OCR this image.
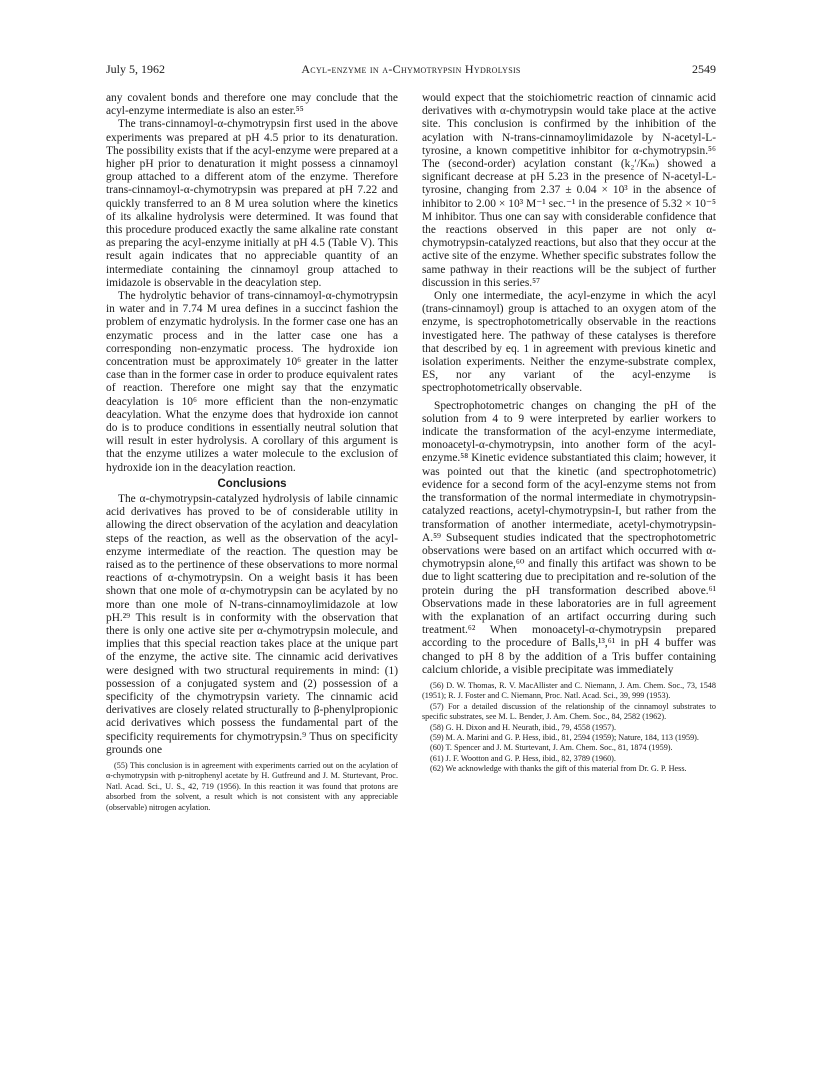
July 5, 1962	Acyl-enzyme in α-Chymotrypsin Hydrolysis	2549

any covalent bonds and therefore one may conclude that the acyl-enzyme intermediate is also an ester.⁵⁵

The trans-cinnamoyl-α-chymotrypsin first used in the above experiments was prepared at pH 4.5 prior to its denaturation. The possibility exists that if the acyl-enzyme were prepared at a higher pH prior to denaturation it might possess a cinnamoyl group attached to a different atom of the enzyme. Therefore trans-cinnamoyl-α-chymotrypsin was prepared at pH 7.22 and quickly transferred to an 8 M urea solution where the kinetics of its alkaline hydrolysis were determined. It was found that this procedure produced exactly the same alkaline rate constant as preparing the acyl-enzyme initially at pH 4.5 (Table V). This result again indicates that no appreciable quantity of an intermediate containing the cinnamoyl group attached to imidazole is observable in the deacylation step.

The hydrolytic behavior of trans-cinnamoyl-α-chymotrypsin in water and in 7.74 M urea defines in a succinct fashion the problem of enzymatic hydrolysis. In the former case one has an enzymatic process and in the latter case one has a corresponding non-enzymatic process. The hydroxide ion concentration must be approximately 10⁶ greater in the latter case than in the former case in order to produce equivalent rates of reaction. Therefore one might say that the enzymatic deacylation is 10⁶ more efficient than the non-enzymatic deacylation. What the enzyme does that hydroxide ion cannot do is to produce conditions in essentially neutral solution that will result in ester hydrolysis. A corollary of this argument is that the enzyme utilizes a water molecule to the exclusion of hydroxide ion in the deacylation reaction.

Conclusions

The α-chymotrypsin-catalyzed hydrolysis of labile cinnamic acid derivatives has proved to be of considerable utility in allowing the direct observation of the acylation and deacylation steps of the reaction, as well as the observation of the acyl-enzyme intermediate of the reaction. The question may be raised as to the pertinence of these observations to more normal reactions of α-chymotrypsin. On a weight basis it has been shown that one mole of α-chymotrypsin can be acylated by no more than one mole of N-trans-cinnamoylimidazole at low pH.²⁹ This result is in conformity with the observation that there is only one active site per α-chymotrypsin molecule, and implies that this special reaction takes place at the unique part of the enzyme, the active site. The cinnamic acid derivatives were designed with two structural requirements in mind: (1) possession of a conjugated system and (2) possession of a specificity of the chymotrypsin variety. The cinnamic acid derivatives are closely related structurally to β-phenylpropionic acid derivatives which possess the fundamental part of the specificity requirements for chymotrypsin.⁹ Thus on specificity grounds one

(55) This conclusion is in agreement with experiments carried out on the acylation of α-chymotrypsin with p-nitrophenyl acetate by H. Gutfreund and J. M. Sturtevant, Proc. Natl. Acad. Sci., U. S., 42, 719 (1956). In this reaction it was found that protons are absorbed from the solvent, a result which is not consistent with any appreciable (observable) nitrogen acylation.

would expect that the stoichiometric reaction of cinnamic acid derivatives with α-chymotrypsin would take place at the active site. This conclusion is confirmed by the inhibition of the acylation with N-trans-cinnamoylimidazole by N-acetyl-L-tyrosine, a known competitive inhibitor for α-chymotrypsin.⁵⁶ The (second-order) acylation constant (k₂′/Kₘ) showed a significant decrease at pH 5.23 in the presence of N-acetyl-L-tyrosine, changing from 2.37 ± 0.04 × 10³ in the absence of inhibitor to 2.00 × 10³ M⁻¹ sec.⁻¹ in the presence of 5.32 × 10⁻⁵ M inhibitor. Thus one can say with considerable confidence that the reactions observed in this paper are not only α-chymotrypsin-catalyzed reactions, but also that they occur at the active site of the enzyme. Whether specific substrates follow the same pathway in their reactions will be the subject of further discussion in this series.⁵⁷

Only one intermediate, the acyl-enzyme in which the acyl (trans-cinnamoyl) group is attached to an oxygen atom of the enzyme, is spectrophotometrically observable in the reactions investigated here. The pathway of these catalyses is therefore that described by eq. 1 in agreement with previous kinetic and isolation experiments. Neither the enzyme-substrate complex, ES, nor any variant of the acyl-enzyme is spectrophotometrically observable.

Spectrophotometric changes on changing the pH of the solution from 4 to 9 were interpreted by earlier workers to indicate the transformation of the acyl-enzyme intermediate, monoacetyl-α-chymotrypsin, into another form of the acyl-enzyme.⁵⁸ Kinetic evidence substantiated this claim; however, it was pointed out that the kinetic (and spectrophotometric) evidence for a second form of the acyl-enzyme stems not from the transformation of the normal intermediate in chymotrypsin-catalyzed reactions, acetyl-chymotrypsin-I, but rather from the transformation of another intermediate, acetyl-chymotrypsin-A.⁵⁹ Subsequent studies indicated that the spectrophotometric observations were based on an artifact which occurred with α-chymotrypsin alone,⁶⁰ and finally this artifact was shown to be due to light scattering due to precipitation and re-solution of the protein during the pH transformation described above.⁶¹ Observations made in these laboratories are in full agreement with the explanation of an artifact occurring during such treatment.⁶² When monoacetyl-α-chymotrypsin prepared according to the procedure of Balls,¹³,⁶¹ in pH 4 buffer was changed to pH 8 by the addition of a Tris buffer containing calcium chloride, a visible precipitate was immediately

(56) D. W. Thomas, R. V. MacAllister and C. Niemann, J. Am. Chem. Soc., 73, 1548 (1951); R. J. Foster and C. Niemann, Proc. Natl. Acad. Sci., 39, 999 (1953).

(57) For a detailed discussion of the relationship of the cinnamoyl substrates to specific substrates, see M. L. Bender, J. Am. Chem. Soc., 84, 2582 (1962).

(58) G. H. Dixon and H. Neurath, ibid., 79, 4558 (1957).

(59) M. A. Marini and G. P. Hess, ibid., 81, 2594 (1959); Nature, 184, 113 (1959).

(60) T. Spencer and J. M. Sturtevant, J. Am. Chem. Soc., 81, 1874 (1959).

(61) J. F. Wootton and G. P. Hess, ibid., 82, 3789 (1960).

(62) We acknowledge with thanks the gift of this material from Dr. G. P. Hess.
